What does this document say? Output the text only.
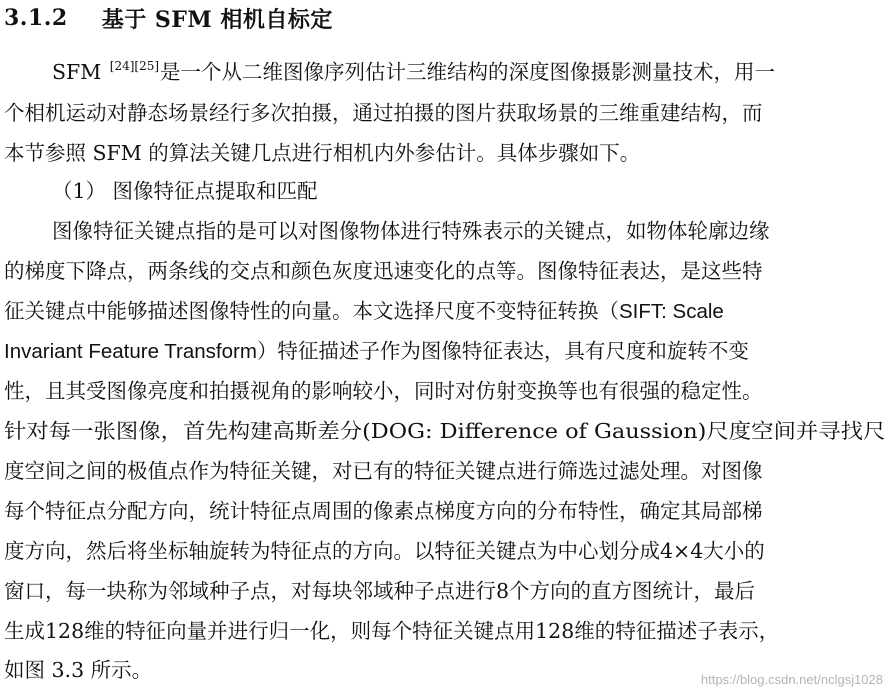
3.1.2 基于 SFM 相机自标定
SFM [24][25]是一个从二维图像序列估计三维结构的深度图像摄影测量技术，用一
个相机运动对静态场景经行多次拍摄，通过拍摄的图片获取场景的三维重建结构，而
本节参照 SFM 的算法关键几点进行相机内外参估计。具体步骤如下。
（1） 图像特征点提取和匹配
图像特征关键点指的是可以对图像物体进行特殊表示的关键点，如物体轮廓边缘
的梯度下降点，两条线的交点和颜色灰度迅速变化的点等。图像特征表达，是这些特
征关键点中能够描述图像特性的向量。本文选择尺度不变特征转换（SIFT: Scale
Invariant Feature Transform）特征描述子作为图像特征表达，具有尺度和旋转不变
性，且其受图像亮度和拍摄视角的影响较小，同时对仿射变换等也有很强的稳定性。
针对每一张图像，首先构建高斯差分(DOG: Difference of Gaussion)尺度空间并寻找尺
度空间之间的极值点作为特征关键，对已有的特征关键点进行筛选过滤处理。对图像
每个特征点分配方向，统计特征点周围的像素点梯度方向的分布特性，确定其局部梯
度方向，然后将坐标轴旋转为特征点的方向。以特征关键点为中心划分成4×4大小的
窗口，每一块称为邻域种子点，对每块邻域种子点进行8个方向的直方图统计，最后
生成128维的特征向量并进行归一化，则每个特征关键点用128维的特征描述子表示，
如图 3.3 所示。	https://blog.csdn.net/nclgsj1028
